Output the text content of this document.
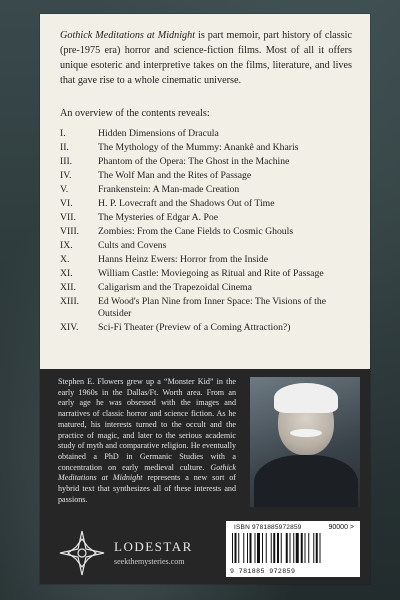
Gothick Meditations at Midnight is part memoir, part history of classic (pre-1975 era) horror and science-fiction films. Most of all it offers unique esoteric and interpretive takes on the films, literature, and lives that gave rise to a whole cinematic universe.

An overview of the contents reveals:
I.	Hidden Dimensions of Dracula
II.	The Mythology of the Mummy: Anankê and Kharis
III.	Phantom of the Opera: The Ghost in the Machine
IV.	The Wolf Man and the Rites of Passage
V.	Frankenstein: A Man-made Creation
VI.	H. P. Lovecraft and the Shadows Out of Time
VII.	The Mysteries of Edgar A. Poe
VIII.	Zombies: From the Cane Fields to Cosmic Ghouls
IX.	Cults and Covens
X.	Hanns Heinz Ewers: Horror from the Inside
XI.	William Castle: Moviegoing as Ritual and Rite of Passage
XII.	Caligarism and the Trapezoidal Cinema
XIII.	Ed Wood's Plan Nine from Inner Space: The Visions of the Outsider
XIV.	Sci-Fi Theater (Preview of a Coming Attraction?)

Stephen E. Flowers grew up a “Monster Kid” in the early 1960s in the Dallas/Ft. Worth area. From an early age he was obsessed with the images and narratives of classic horror and science fiction. As he matured, his interests turned to the occult and the practice of magic, and later to the serious academic study of myth and comparative religion. He eventually obtained a PhD in Germanic Studies with a concentration on early medieval culture. Gothick Meditations at Midnight represents a new sort of hybrid text that synthesizes all of these interests and passions.

LODESTAR
seekthemysteries.com
ISBN 9781885972859	90000 >
9 781885 972859
